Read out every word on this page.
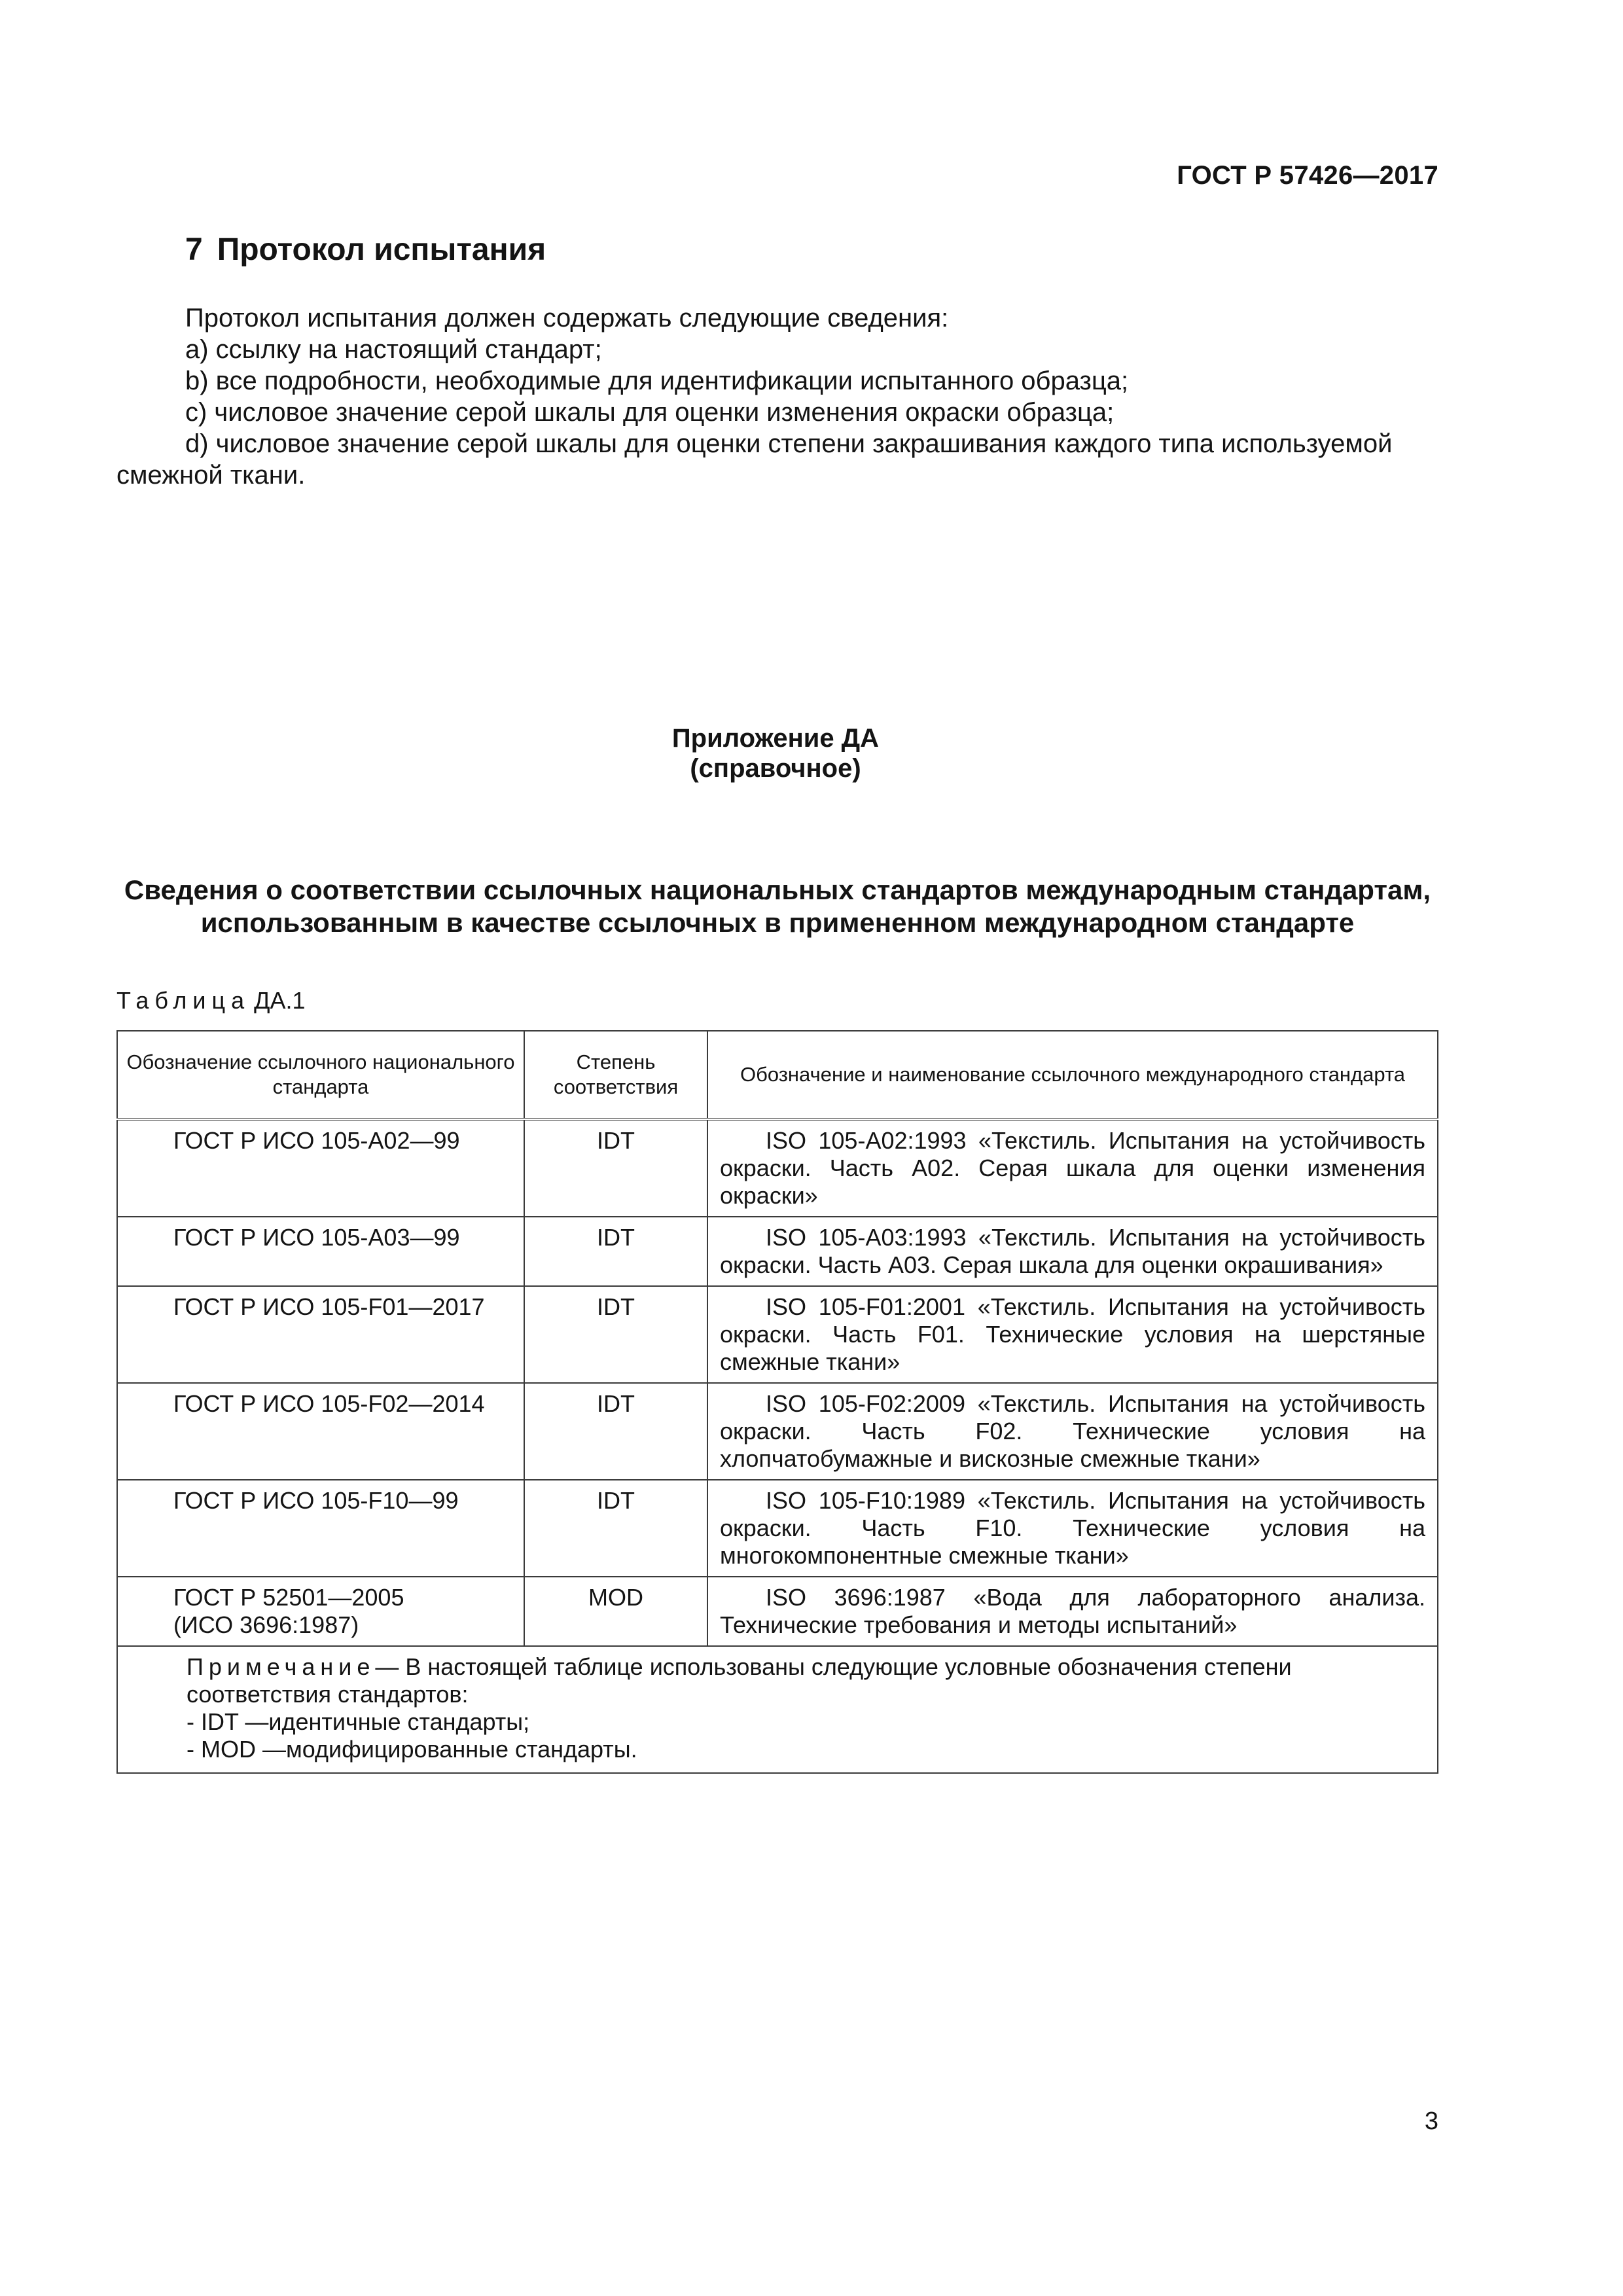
ГОСТ Р 57426—2017
7 Протокол испытания
Протокол испытания должен содержать следующие сведения:
a) ссылку на настоящий стандарт;
b) все подробности, необходимые для идентификации испытанного образца;
c) числовое значение серой шкалы для оценки изменения окраски образца;
d) числовое значение серой шкалы для оценки степени закрашивания каждого типа используемой
смежной ткани.
Приложение ДА
(справочное)
Сведения о соответствии ссылочных национальных стандартов международным стандартам,
использованным в качестве ссылочных в примененном международном стандарте
Таблица ДА.1
Обозначение ссылочного национального стандарта	Степень соответствия	Обозначение и наименование ссылочного международного стандарта
ГОСТ Р ИСО 105-А02—99	IDT	ISO 105-A02:1993 «Текстиль. Испытания на устойчивость окраски. Часть А02. Серая шкала для оценки изменения окраски»

ГОСТ Р ИСО 105-А03—99	IDT	ISO 105-A03:1993 «Текстиль. Испытания на устойчивость окраски. Часть А03. Серая шкала для оценки окрашивания»

ГОСТ Р ИСО 105-F01—2017	IDT	ISO 105-F01:2001 «Текстиль. Испытания на устойчивость окраски. Часть F01. Технические условия на шерстяные смежные ткани»

ГОСТ Р ИСО 105-F02—2014	IDT	ISO 105-F02:2009 «Текстиль. Испытания на устойчивость окраски. Часть F02. Технические условия на хлопчатобумажные и вискозные смежные ткани»

ГОСТ Р ИСО 105-F10—99	IDT	ISO 105-F10:1989 «Текстиль. Испытания на устойчивость окраски. Часть F10. Технические условия на многокомпонентные смежные ткани»

ГОСТ Р 52501—2005
(ИСО 3696:1987)	MOD	ISO 3696:1987 «Вода для лабораторного анализа. Технические требования и методы испытаний»

Примечание— В настоящей таблице использованы следующие условные обозначения степени соответствия стандартов:
- IDT —идентичные стандарты;
- MOD —модифицированные стандарты.		
3
